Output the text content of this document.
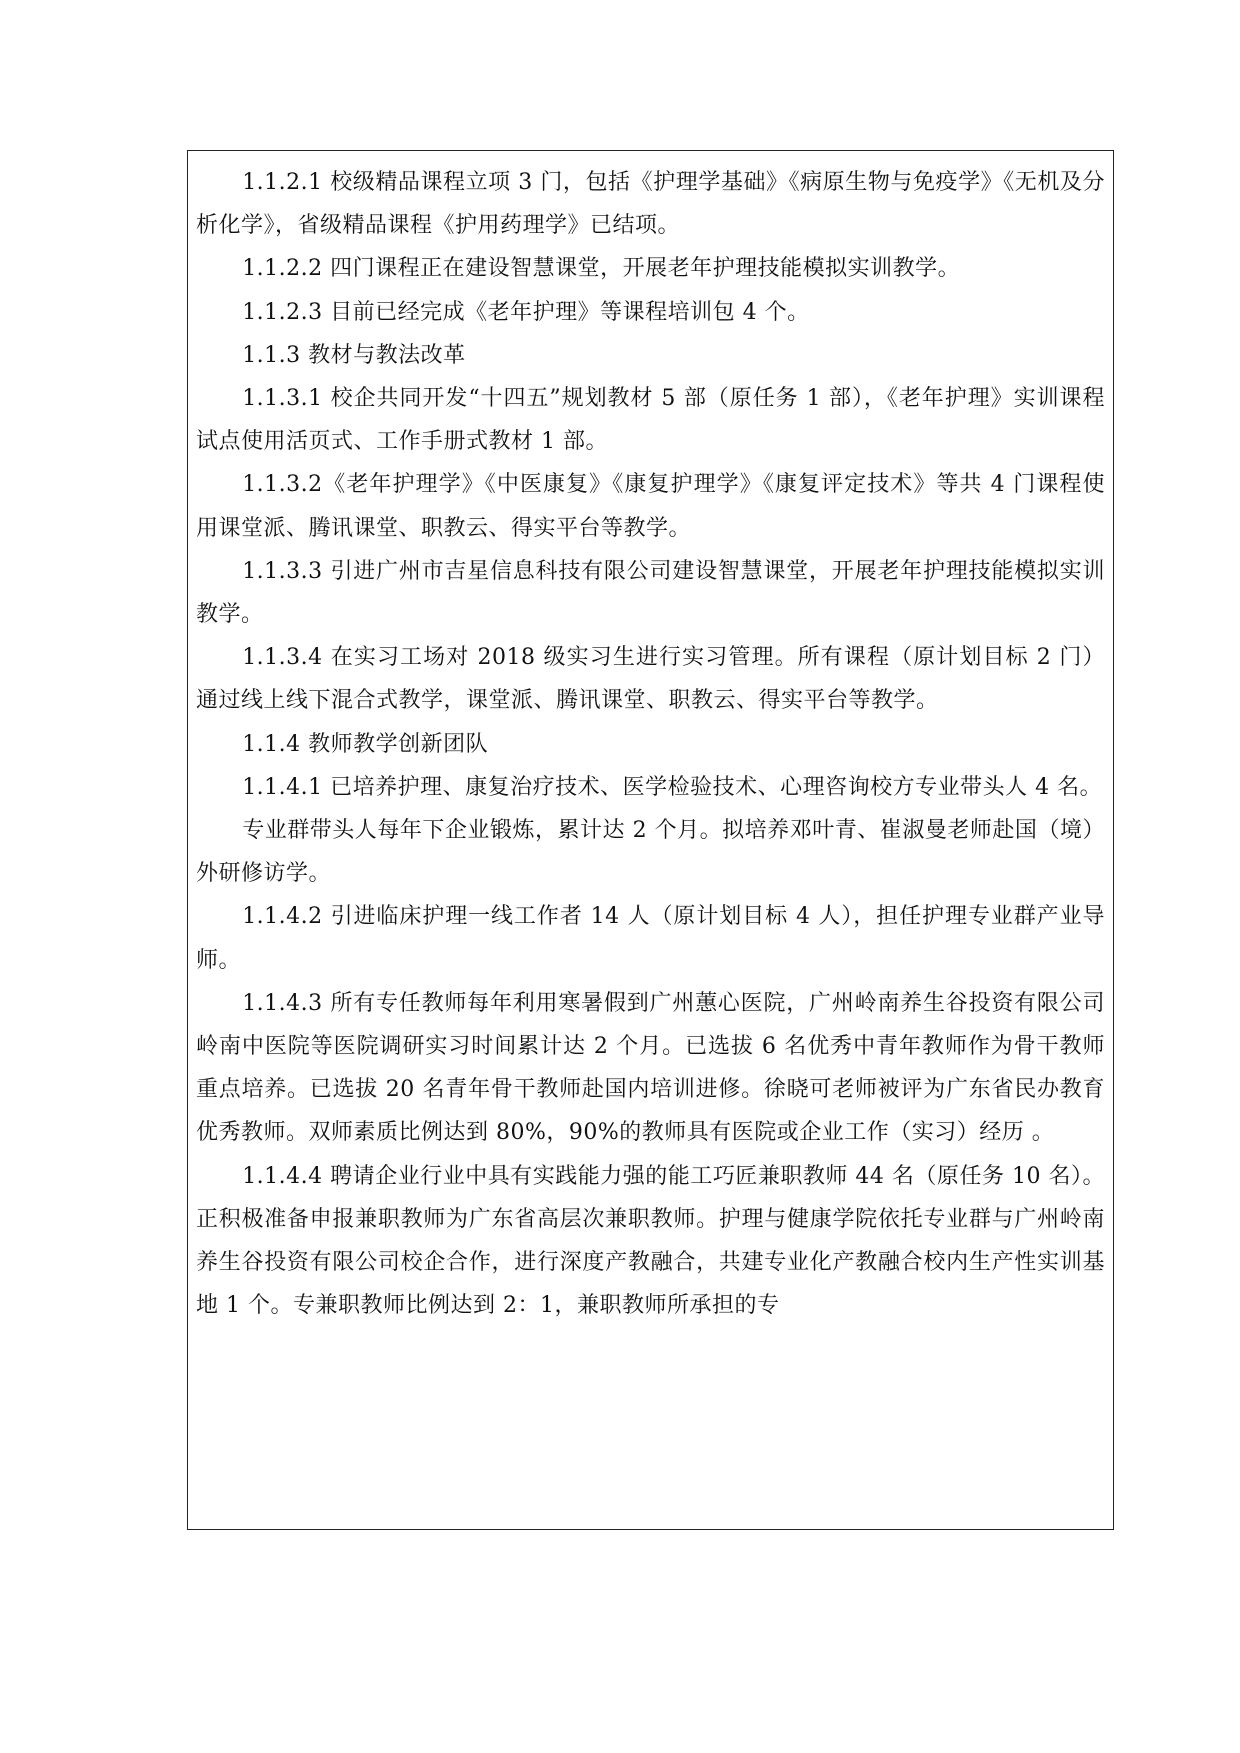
1.1.2.1 校级精品课程立项 3 门，包括《护理学基础》《病原生物与免疫学》《无机及分析化学》，省级精品课程《护用药理学》已结项。

1.1.2.2 四门课程正在建设智慧课堂，开展老年护理技能模拟实训教学。

1.1.2.3 目前已经完成《老年护理》等课程培训包 4 个。

1.1.3 教材与教法改革

1.1.3.1 校企共同开发“十四五”规划教材 5 部（原任务 1 部），《老年护理》实训课程试点使用活页式、工作手册式教材 1 部。

1.1.3.2《老年护理学》《中医康复》《康复护理学》《康复评定技术》等共 4 门课程使用课堂派、腾讯课堂、职教云、得实平台等教学。

1.1.3.3 引进广州市吉星信息科技有限公司建设智慧课堂，开展老年护理技能模拟实训教学。

1.1.3.4 在实习工场对 2018 级实习生进行实习管理。所有课程（原计划目标 2 门）通过线上线下混合式教学，课堂派、腾讯课堂、职教云、得实平台等教学。

1.1.4 教师教学创新团队

1.1.4.1 已培养护理、康复治疗技术、医学检验技术、心理咨询校方专业带头人 4 名。

专业群带头人每年下企业锻炼，累计达 2 个月。拟培养邓叶青、崔淑曼老师赴国（境）外研修访学。

1.1.4.2 引进临床护理一线工作者 14 人（原计划目标 4 人），担任护理专业群产业导师。

1.1.4.3 所有专任教师每年利用寒暑假到广州蕙心医院，广州岭南养生谷投资有限公司岭南中医院等医院调研实习时间累计达 2 个月。已选拔 6 名优秀中青年教师作为骨干教师重点培养。已选拔 20 名青年骨干教师赴国内培训进修。徐晓可老师被评为广东省民办教育优秀教师。双师素质比例达到 80%，90%的教师具有医院或企业工作（实习）经历 。

1.1.4.4 聘请企业行业中具有实践能力强的能工巧匠兼职教师 44 名（原任务 10 名）。正积极准备申报兼职教师为广东省高层次兼职教师。护理与健康学院依托专业群与广州岭南养生谷投资有限公司校企合作，进行深度产教融合，共建专业化产教融合校内生产性实训基地 1 个。专兼职教师比例达到 2：1，兼职教师所承担的专
